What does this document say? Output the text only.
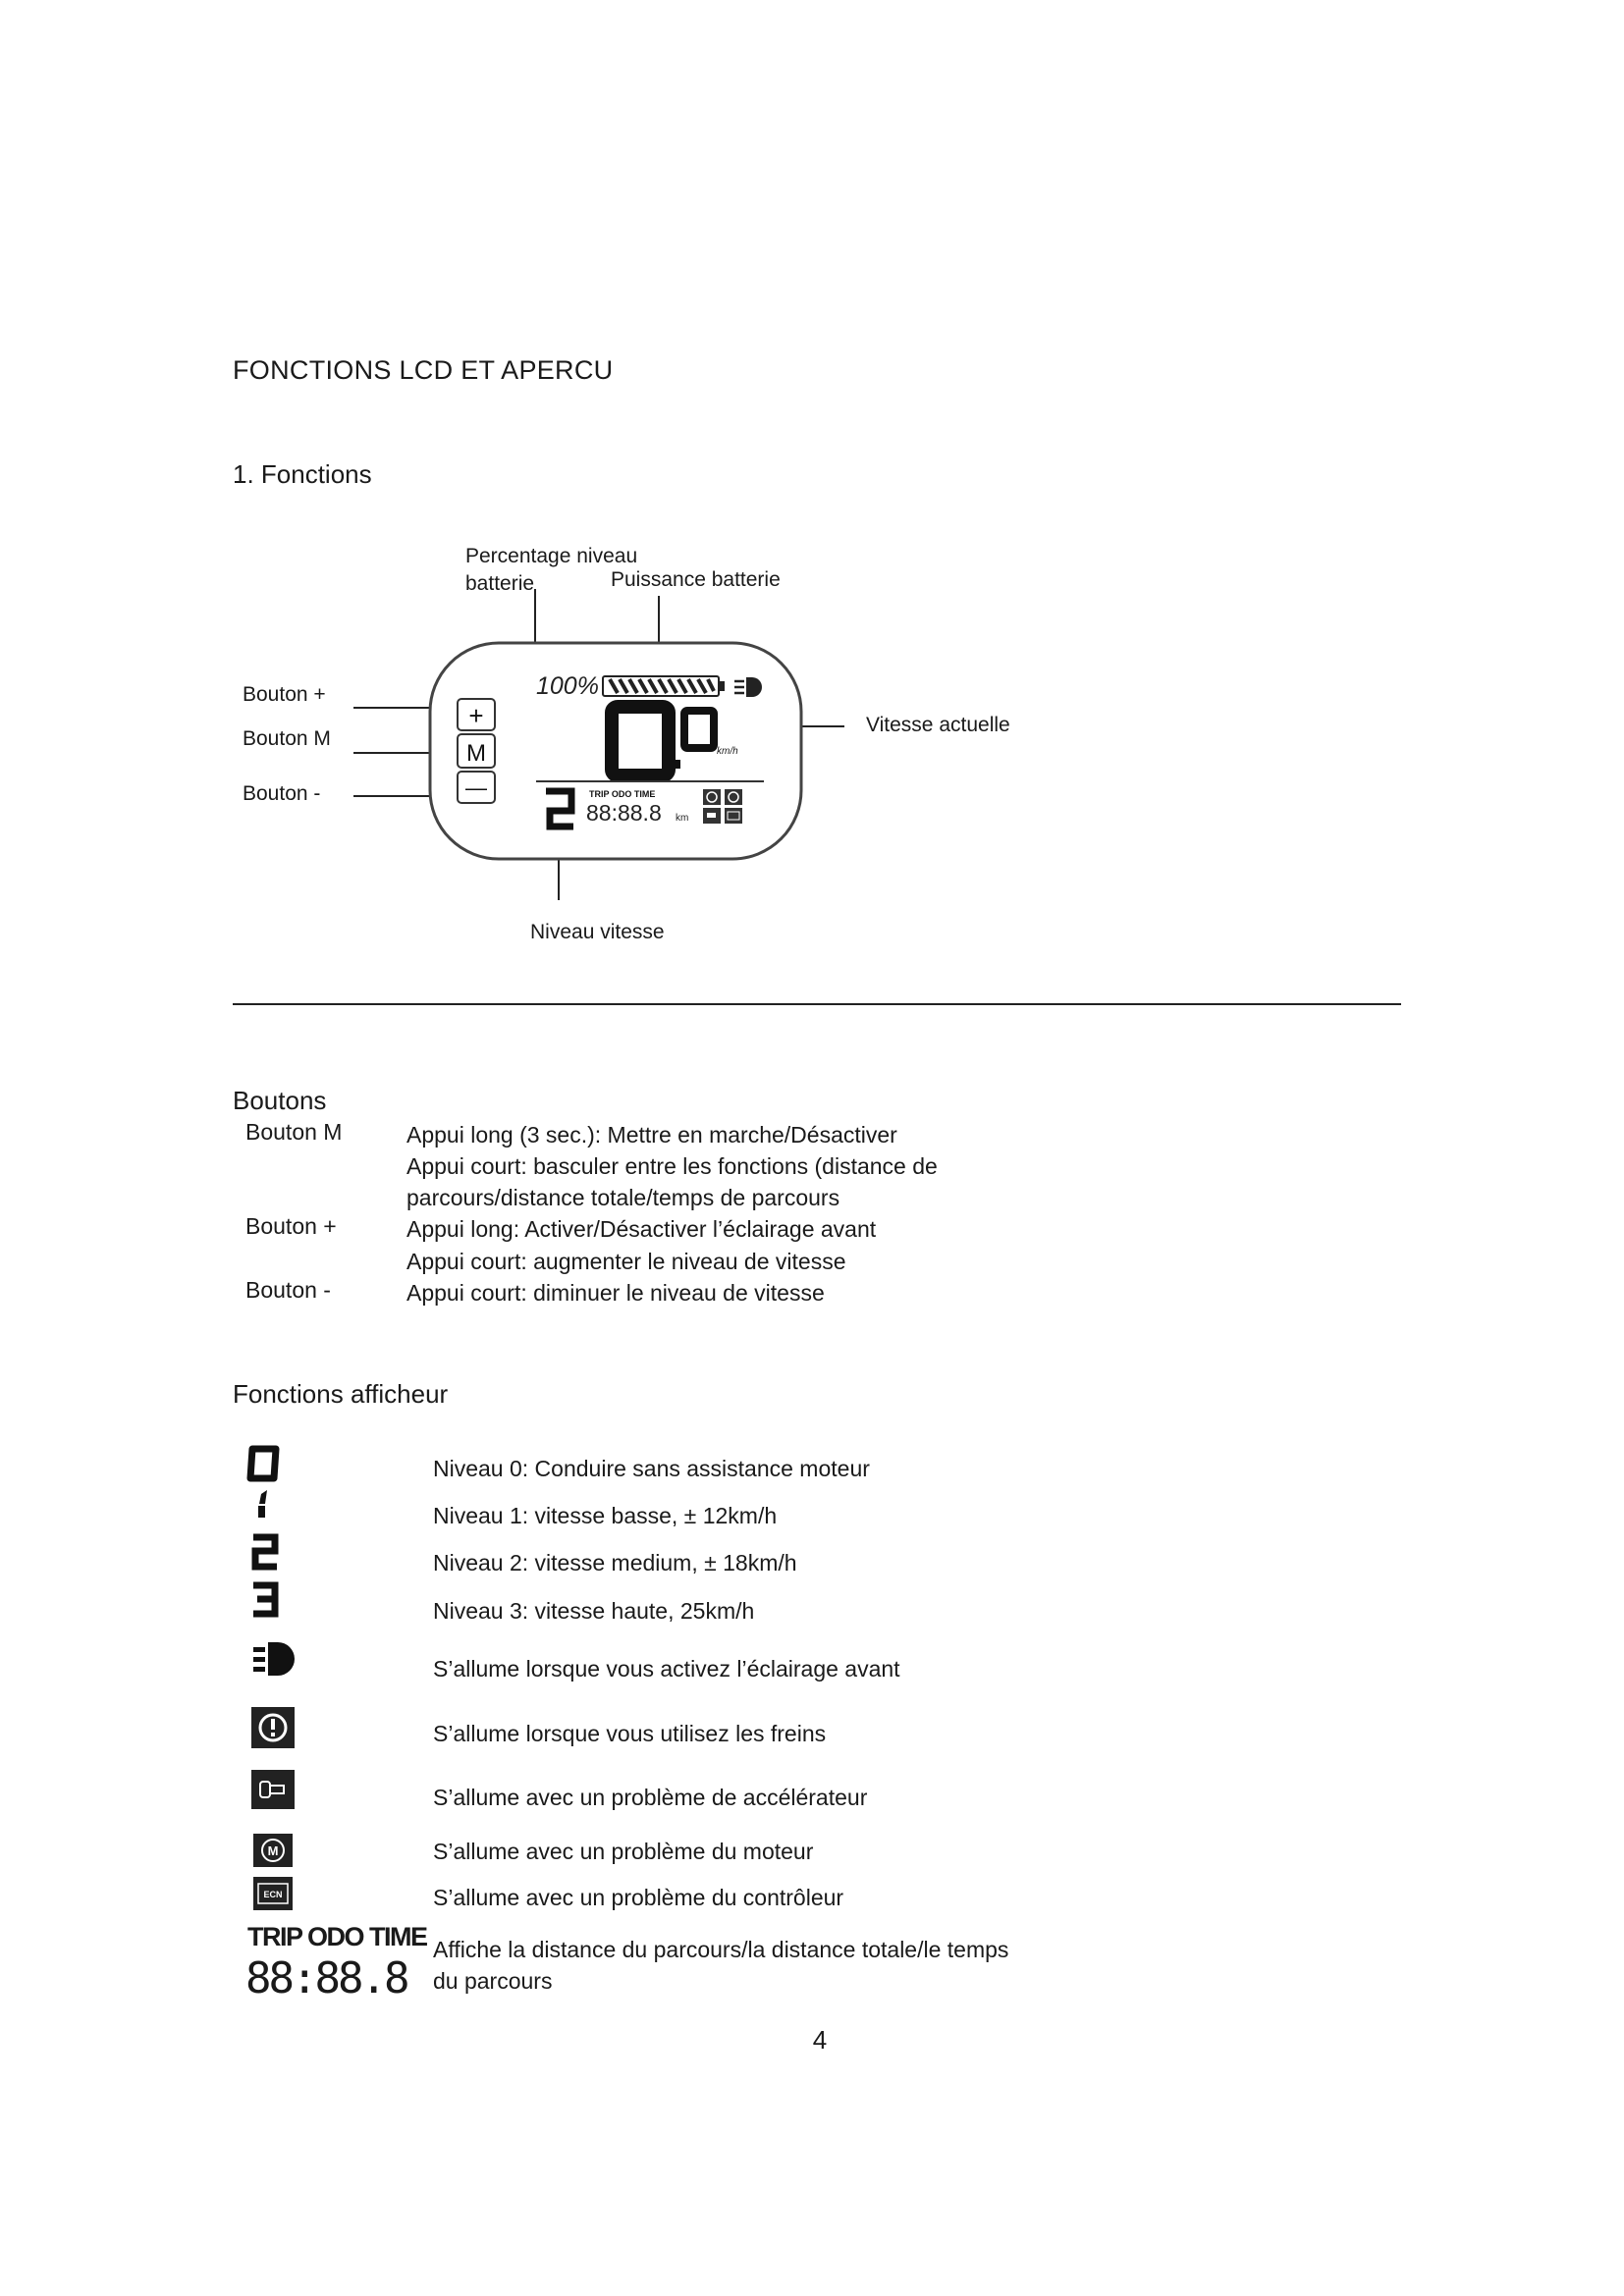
FONCTIONS LCD ET APERCU
1. Fonctions
Percentage niveau
batterie	Puissance batterie
Bouton +
Bouton M
Bouton -
Vitesse actuelle
Niveau vitesse
+
M
—
100%
km/h
TRIP ODO TIME
88:88.8 km
Boutons
Bouton M	Appui long (3 sec.): Mettre en marche/Désactiver
Appui court: basculer entre les fonctions (distance de
parcours/distance totale/temps de parcours
Bouton +	Appui long: Activer/Désactiver l’éclairage avant
Appui court: augmenter le niveau de vitesse
Bouton -	Appui court: diminuer le niveau de vitesse
Fonctions afficheur
M
ECN
TRIP ODO TIME
88:88.8
Niveau 0: Conduire sans assistance moteur
Niveau 1: vitesse basse, ± 12km/h
Niveau 2: vitesse medium, ± 18km/h
Niveau 3: vitesse haute, 25km/h
S’allume lorsque vous activez l’éclairage avant
S’allume lorsque vous utilisez les freins
S’allume avec un problème de accélérateur
S’allume avec un problème du moteur
S’allume avec un problème du contrôleur
Affiche la distance du parcours/la distance totale/le temps
du parcours
4
